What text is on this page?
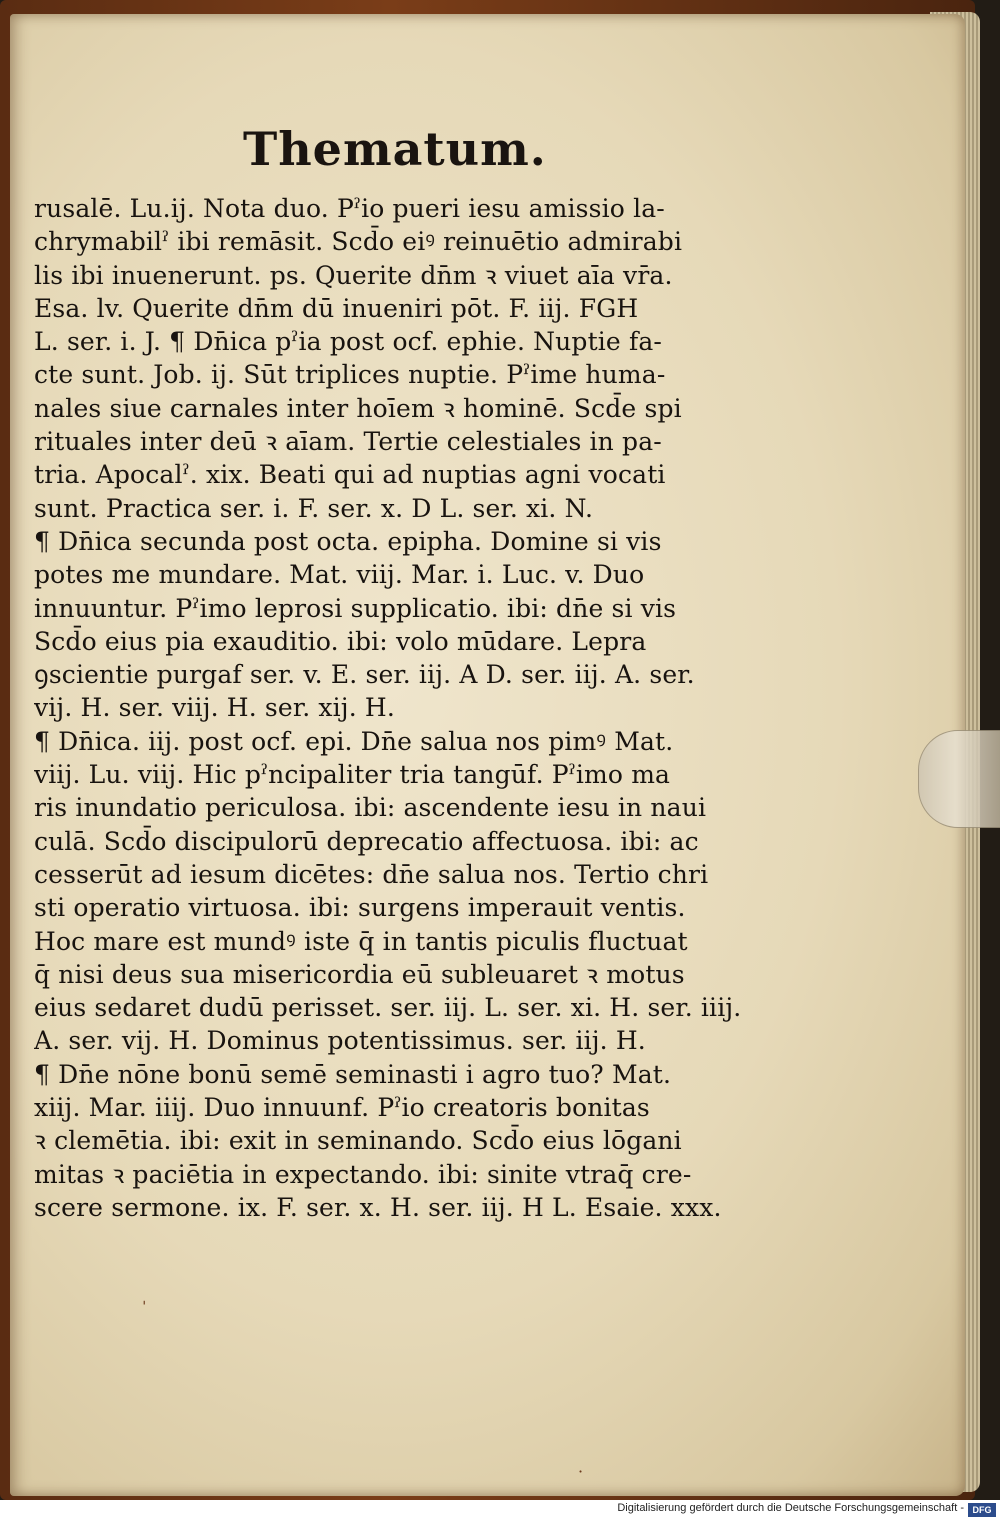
Thematum.
rusalē. Lu.ij. Nota duo. Pˀio pueri iesu amissio la-
chrymabilˀ ibi remāsit. Scd̄o eiꝰ reinuētio admirabi
lis ibi inuenerunt. ps. Querite dn̄m ꝛ viuet aīa vr̄a.
Esa. lv. Querite dn̄m dū inueniri pōt. F. iij. FGH
L. ser. i. J. ¶ Dn̄ica pˀia post ocf. ephie. Nuptie fa-
cte sunt. Job. ij. Sūt triplices nuptie. Pˀime huma-
nales siue carnales inter hoīem ꝛ hominē. Scd̄e spi
rituales inter deū ꝛ aīam. Tertie celestiales in pa-
tria. Apocalˀ. xix. Beati qui ad nuptias agni vocati
sunt. Practica ser. i. F. ser. x. D L. ser. xi. N.
¶ Dn̄ica secunda post octa. epipha. Domine si vis
potes me mundare. Mat. viij. Mar. i. Luc. v. Duo
innuuntur. Pˀimo leprosi supplicatio. ibi: dn̄e si vis
Scd̄o eius pia exauditio. ibi: volo mūdare. Lepra
ꝯscientie purgaf ser. v. E. ser. iij. A D. ser. iij. A. ser.
vij. H. ser. viij. H. ser. xij. H.
¶ Dn̄ica. iij. post ocf. epi. Dn̄e salua nos pimꝰ Mat.
viij. Lu. viij. Hic pˀncipaliter tria tangūf. Pˀimo ma
ris inundatio periculosa. ibi: ascendente iesu in naui
culā. Scd̄o discipulorū deprecatio affectuosa. ibi: ac
cesserūt ad iesum dicētes: dn̄e salua nos. Tertio chri
sti operatio virtuosa. ibi: surgens imperauit ventis.
Hoc mare est mundꝰ iste q̄ in tantis piculis fluctuat
q̄ nisi deus sua misericordia eū subleuaret ꝛ motus
eius sedaret dudū perisset. ser. iij. L. ser. xi. H. ser. iiij.
A. ser. vij. H. Dominus potentissimus. ser. iij. H.
¶ Dn̄e nōne bonū semē seminasti i agro tuo? Mat.
xiij. Mar. iiij. Duo innuunf. Pˀio creatoris bonitas
ꝛ clemētia. ibi: exit in seminando. Scd̄o eius lōgani
mitas ꝛ paciētia in expectando. ibi: sinite vtraq̄ cre-
scere sermone. ix. F. ser. x. H. ser. iij. H L. Esaie. xxx.
ˈ
·
Digitalisierung gefördert durch die Deutsche Forschungsgemeinschaft - DFG
